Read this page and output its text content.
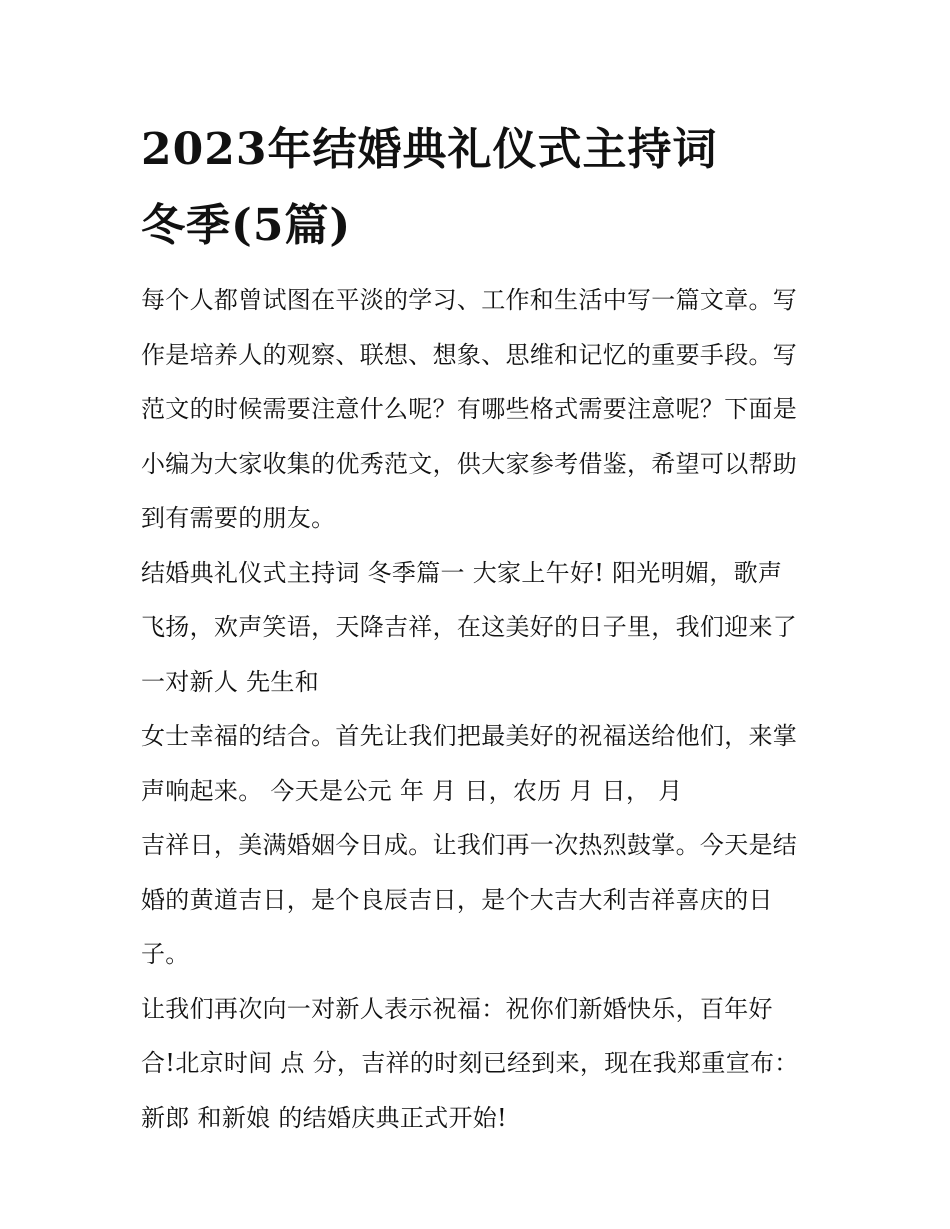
2023年结婚典礼仪式主持词
冬季(5篇)
每个人都曾试图在平淡的学习、工作和生活中写一篇文章。写
作是培养人的观察、联想、想象、思维和记忆的重要手段。写
范文的时候需要注意什么呢？有哪些格式需要注意呢？下面是
小编为大家收集的优秀范文，供大家参考借鉴，希望可以帮助
到有需要的朋友。
结婚典礼仪式主持词 冬季篇一 大家上午好! 阳光明媚，歌声
飞扬，欢声笑语，天降吉祥，在这美好的日子里，我们迎来了
一对新人 先生和
女士幸福的结合。首先让我们把最美好的祝福送给他们，来掌
声响起来。 今天是公元 年 月 日，农历 月 日， 月
吉祥日，美满婚姻今日成。让我们再一次热烈鼓掌。今天是结
婚的黄道吉日，是个良辰吉日，是个大吉大利吉祥喜庆的日
子。
让我们再次向一对新人表示祝福：祝你们新婚快乐，百年好
合!北京时间 点 分，吉祥的时刻已经到来，现在我郑重宣布：
新郎 和新娘 的结婚庆典正式开始!
